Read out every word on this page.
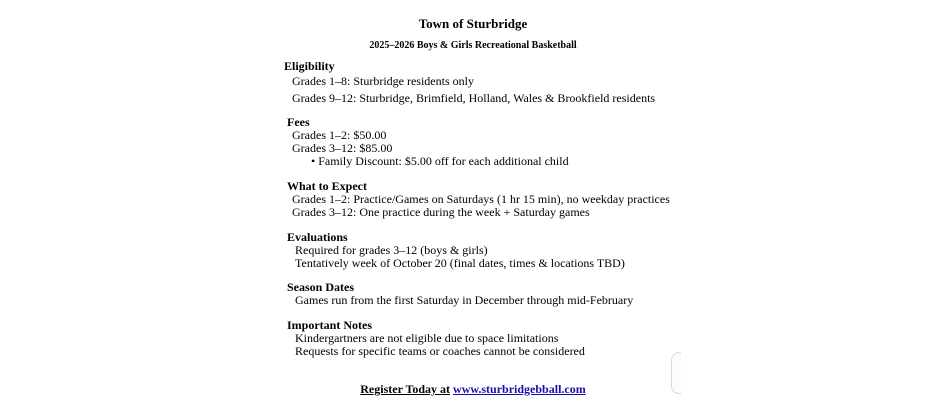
Town of Sturbridge
2025–2026 Boys & Girls Recreational Basketball
Eligibility
Grades 1–8: Sturbridge residents only
Grades 9–12: Sturbridge, Brimfield, Holland, Wales & Brookfield residents
Fees
Grades 1–2: $50.00
Grades 3–12: $85.00
• Family Discount: $5.00 off for each additional child
What to Expect
Grades 1–2: Practice/Games on Saturdays (1 hr 15 min), no weekday practices
Grades 3–12: One practice during the week + Saturday games
Evaluations
Required for grades 3–12 (boys & girls)
Tentatively week of October 20 (final dates, times & locations TBD)
Season Dates
Games run from the first Saturday in December through mid-February
Important Notes
Kindergartners are not eligible due to space limitations
Requests for specific teams or coaches cannot be considered
Register Today at www.sturbridgebball.com
